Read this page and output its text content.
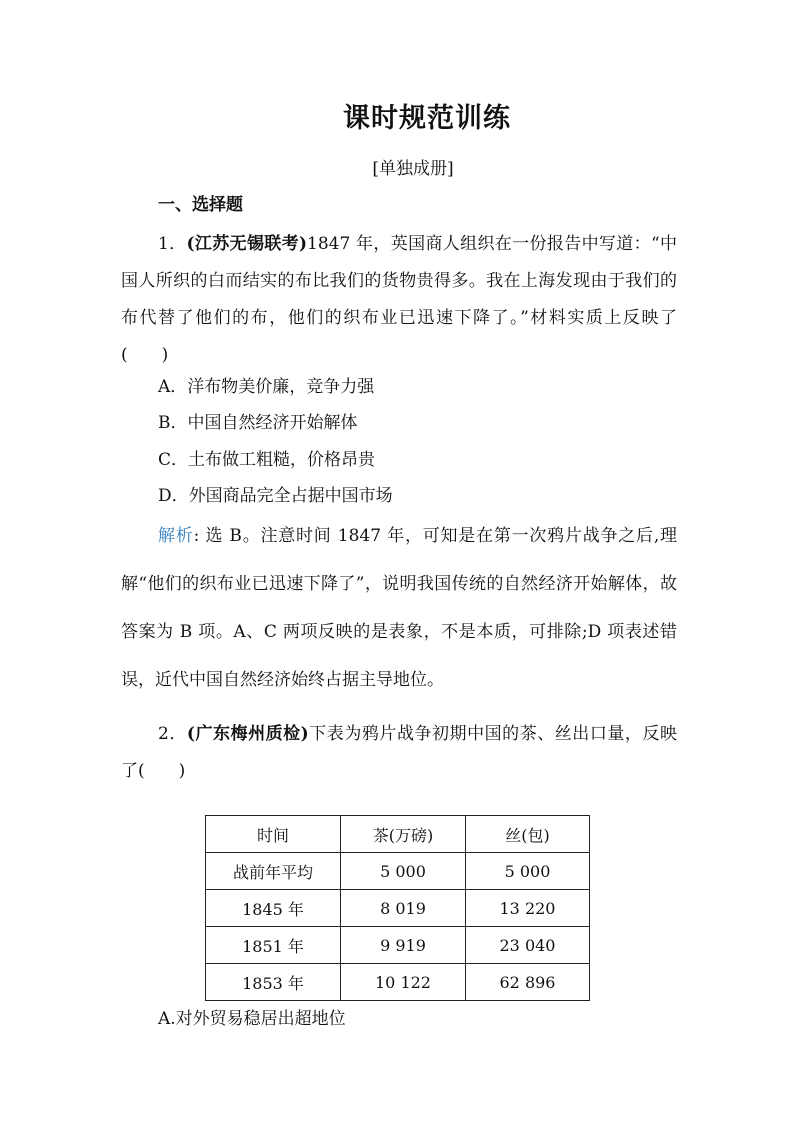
课时规范训练
[单独成册]
一、选择题
1．(江苏无锡联考)1847 年，英国商人组织在一份报告中写道：“中国人所织的白而结实的布比我们的货物贵得多。我在上海发现由于我们的布代替了他们的布，他们的织布业已迅速下降了。”材料实质上反映了(　　)
A．洋布物美价廉，竞争力强
B．中国自然经济开始解体
C．土布做工粗糙，价格昂贵
D．外国商品完全占据中国市场
解析: 选 B。注意时间 1847 年，可知是在第一次鸦片战争之后,理解“他们的织布业已迅速下降了”，说明我国传统的自然经济开始解体，故答案为 B 项。A、C 两项反映的是表象，不是本质，可排除;D 项表述错误，近代中国自然经济始终占据主导地位。
2．(广东梅州质检)下表为鸦片战争初期中国的茶、丝出口量，反映了(　　)
时间	茶(万磅)	丝(包)
战前年平均	5 000	5 000
1845 年	8 019	13 220
1851 年	9 919	23 040
1853 年	10 122	62 896
A.对外贸易稳居出超地位
